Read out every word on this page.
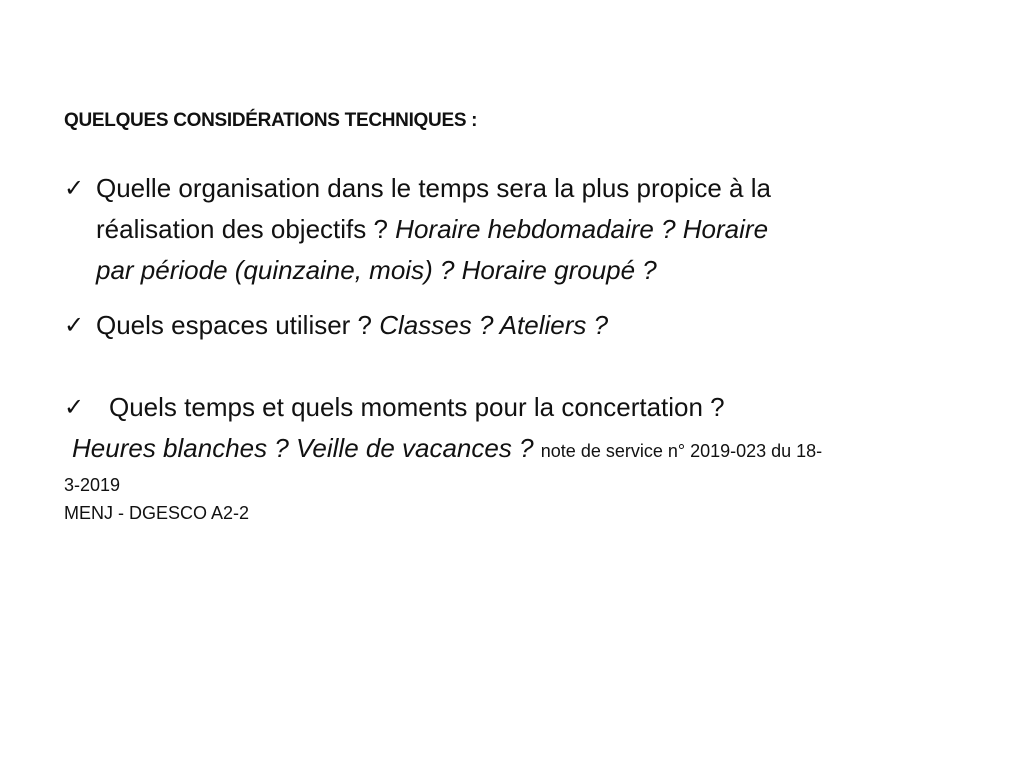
QUELQUES CONSIDÉRATIONS TECHNIQUES :
✓ Quelle organisation dans le temps sera la plus propice à la
réalisation des objectifs ? Horaire hebdomadaire ? Horaire
par période (quinzaine, mois) ? Horaire groupé ?
✓ Quels espaces utiliser ? Classes ? Ateliers ?
✓ Quels temps et quels moments pour la concertation ?
Heures blanches ? Veille de vacances ? note de service n° 2019-023 du 18-
3-2019
MENJ - DGESCO A2-2
